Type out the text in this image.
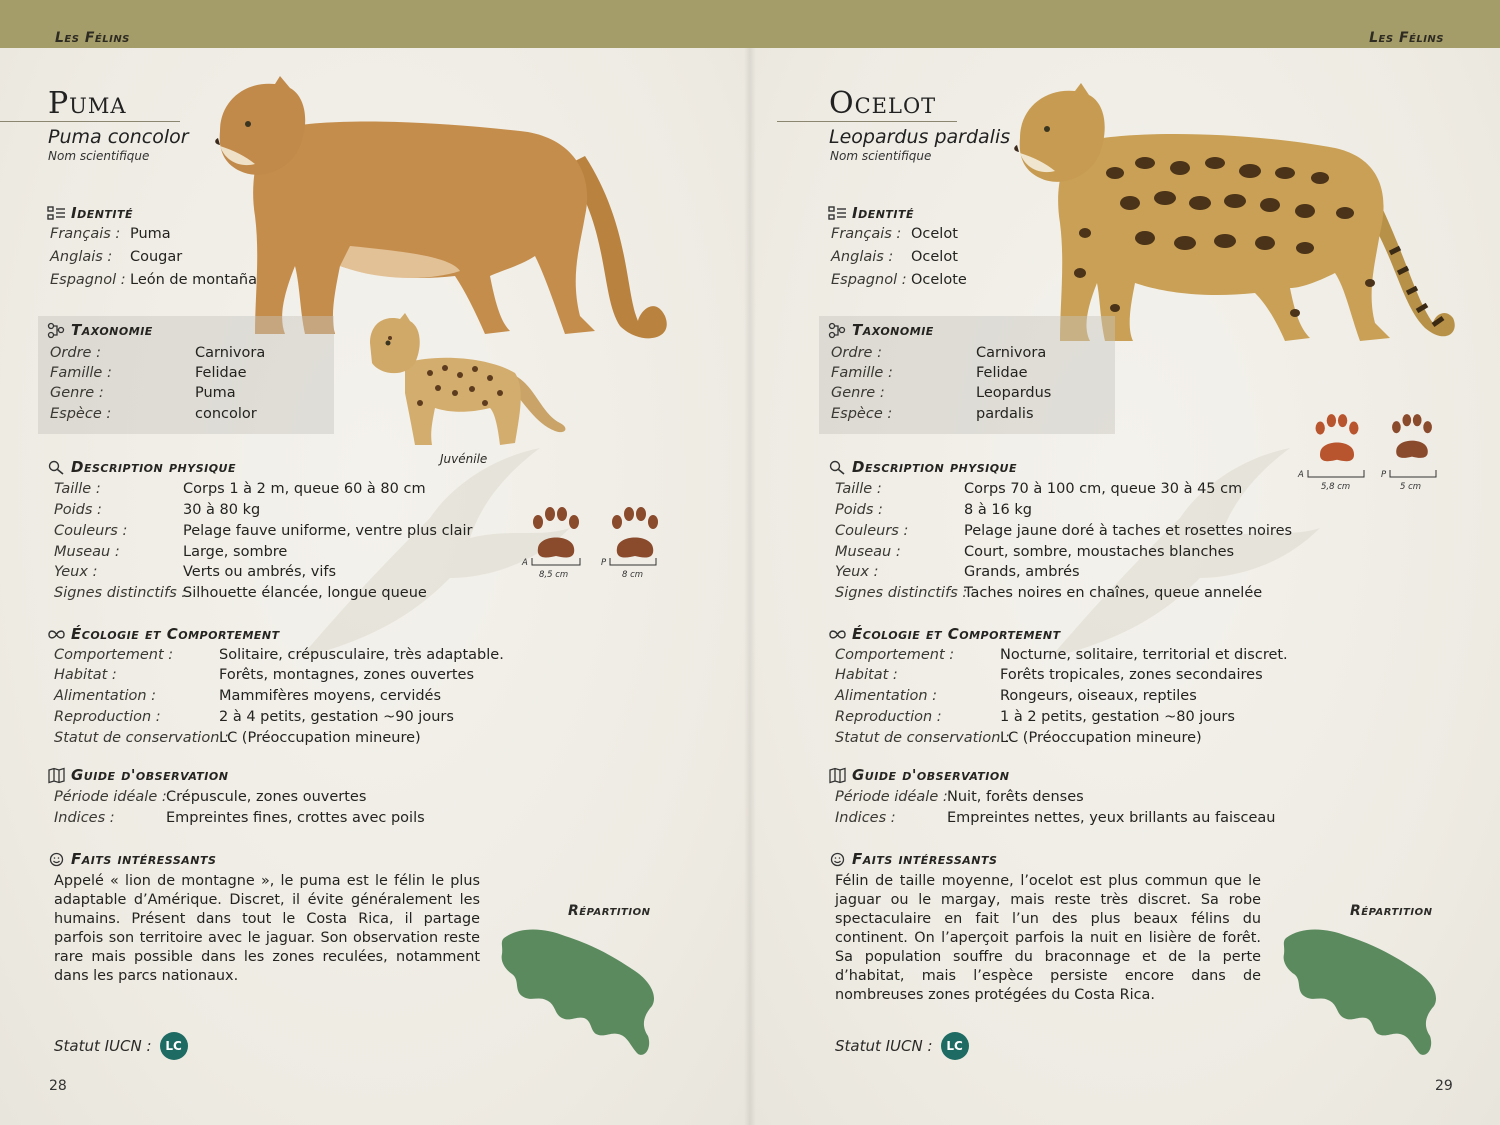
Les Félins
Puma
Puma concolor
Nom scientifique
Juvénile
Identité
Français : Puma
Anglais : Cougar
Espagnol : León de montaña
Taxonomie
Ordre :	Carnivora
Famille :	Felidae
Genre :	Puma
Espèce :	concolor
Description physique
Taille :	Corps 1 à 2 m, queue 60 à 80 cm
Poids :	30 à 80 kg
Couleurs :	Pelage fauve uniforme, ventre plus clair
Museau :	Large, sombre
Yeux :	Verts ou ambrés, vifs
Signes distinctifs :
Silhouette élancée, longue queue
A	P
8,5 cm	8 cm
Écologie et Comportement
Comportement :	Solitaire, crépusculaire, très adaptable.
Habitat :	Forêts, montagnes, zones ouvertes
Alimentation :	Mammifères moyens, cervidés
Reproduction :	2 à 4 petits, gestation ~90 jours
Statut de conservation :
LC (Préoccupation mineure)
Guide d'observation
Période idéale : Crépuscule, zones ouvertes
Indices :	Empreintes fines, crottes avec poils
Faits intéressants
Appelé « lion de montagne », le puma est le félin le plus adaptable d’Amérique. Discret, il évite généralement les humains. Présent dans tout le Costa Rica, il partage parfois son territoire avec le jaguar. Son observation reste rare mais possible dans les zones reculées, notamment dans les parcs nationaux.
Répartition
Statut IUCN :	LC
28
Les Félins
Ocelot
Leopardus pardalis
Nom scientifique
Identité
Français : Ocelot
Anglais : Ocelot
Espagnol : Ocelote
Taxonomie
Ordre :	Carnivora
Famille :	Felidae
Genre :	Leopardus
Espèce :	pardalis
A	P
5,8 cm	5 cm
Description physique
Taille :	Corps 70 à 100 cm, queue 30 à 45 cm
Poids :	8 à 16 kg
Couleurs :	Pelage jaune doré à taches et rosettes noires
Museau :	Court, sombre, moustaches blanches
Yeux :	Grands, ambrés
Signes distinctifs :
Taches noires en chaînes, queue annelée
Écologie et Comportement
Comportement :	Nocturne, solitaire, territorial et discret.
Habitat :	Forêts tropicales, zones secondaires
Alimentation :	Rongeurs, oiseaux, reptiles
Reproduction :	1 à 2 petits, gestation ~80 jours
Statut de conservation :
LC (Préoccupation mineure)
Guide d'observation
Période idéale : Nuit, forêts denses
Indices :	Empreintes nettes, yeux brillants au faisceau
Faits intéressants
Félin de taille moyenne, l’ocelot est plus commun que le jaguar ou le margay, mais reste très discret. Sa robe spectaculaire en fait l’un des plus beaux félins du continent. On l’aperçoit parfois la nuit en lisière de forêt. Sa population souffre du braconnage et de la perte d’habitat, mais l’espèce persiste encore dans de nombreuses zones protégées du Costa Rica.
Répartition
Statut IUCN :	LC
29
